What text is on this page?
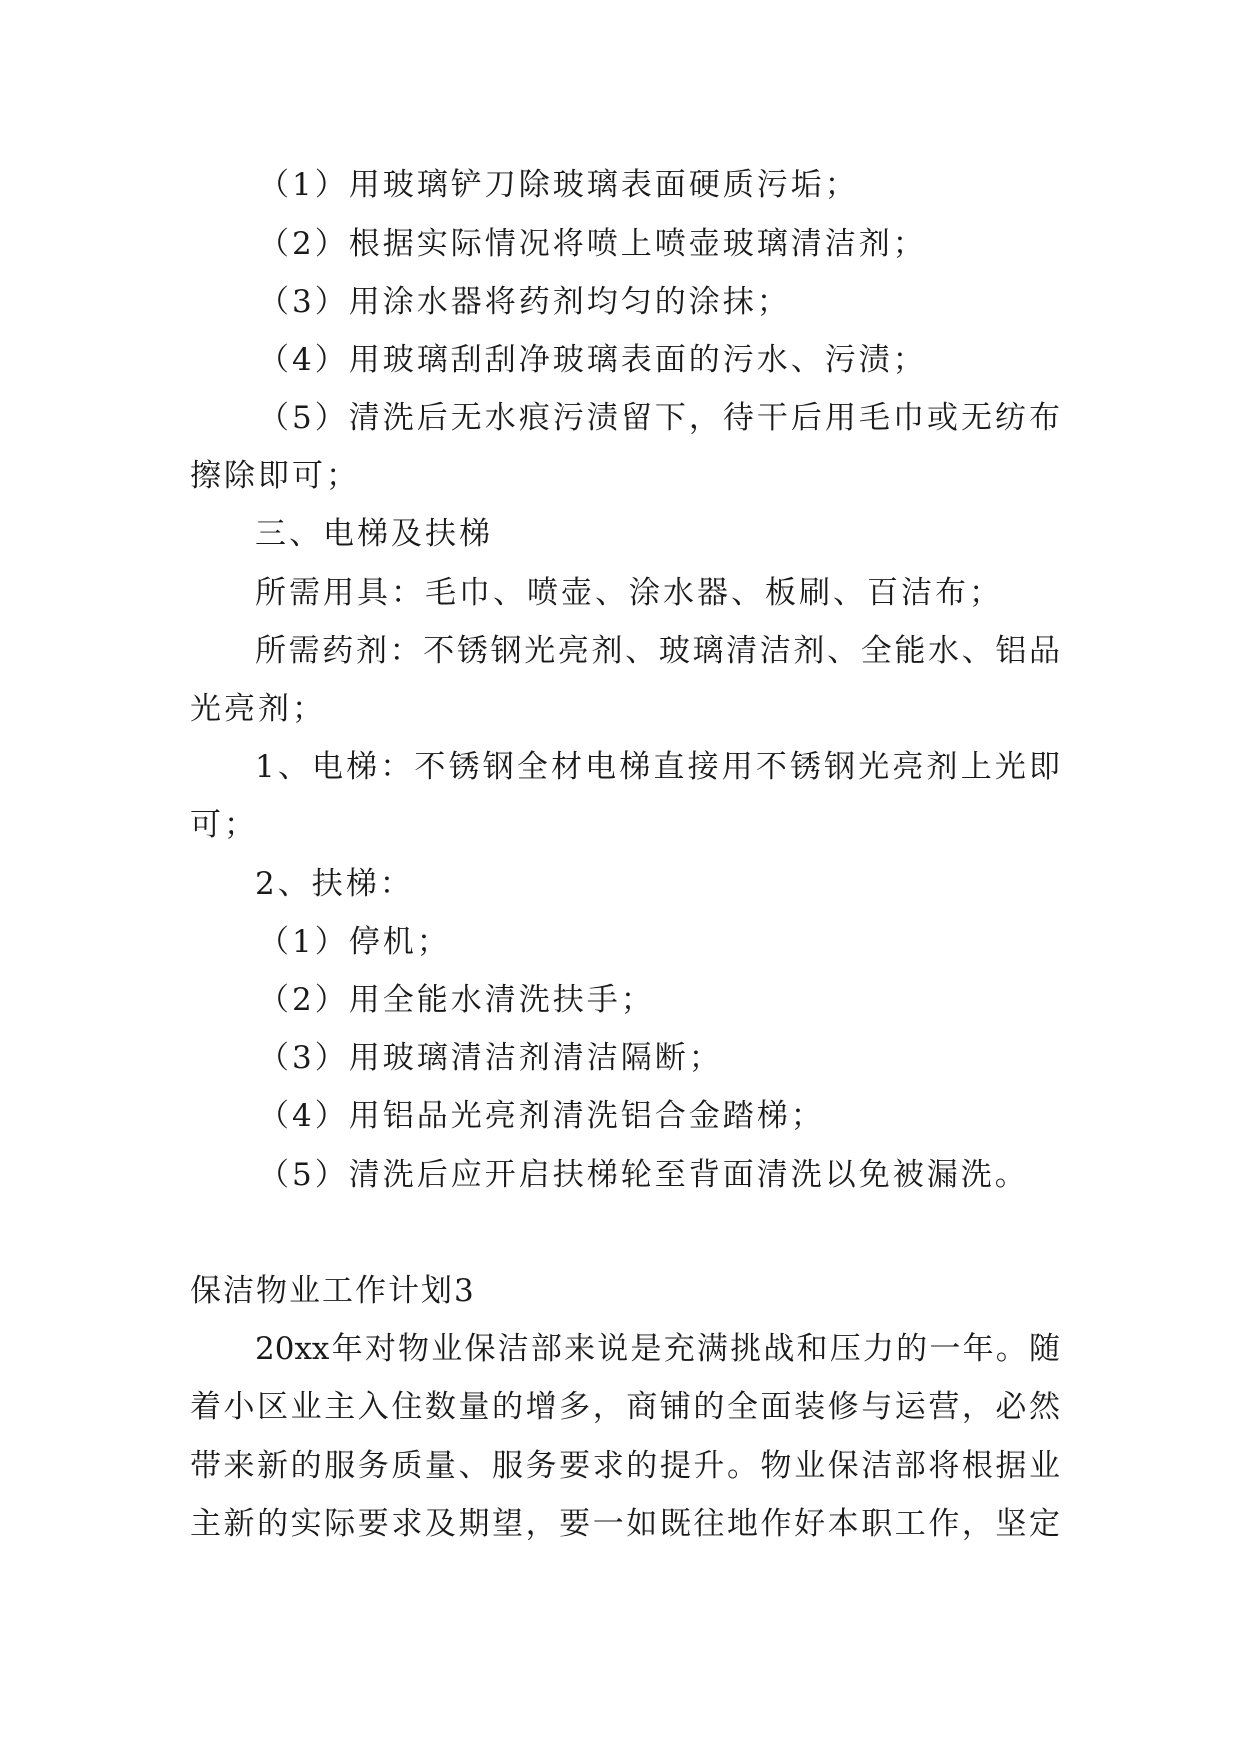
（1）用玻璃铲刀除玻璃表面硬质污垢；
（2）根据实际情况将喷上喷壶玻璃清洁剂；
（3）用涂水器将药剂均匀的涂抹；
（4）用玻璃刮刮净玻璃表面的污水、污渍；
（5）清洗后无水痕污渍留下，待干后用毛巾或无纺布
擦除即可；
三、电梯及扶梯
所需用具：毛巾、喷壶、涂水器、板刷、百洁布；
所需药剂：不锈钢光亮剂、玻璃清洁剂、全能水、铝品
光亮剂；
1、电梯：不锈钢全材电梯直接用不锈钢光亮剂上光即
可；
2、扶梯：
（1）停机；
（2）用全能水清洗扶手；
（3）用玻璃清洁剂清洁隔断；
（4）用铝品光亮剂清洗铝合金踏梯；
（5）清洗后应开启扶梯轮至背面清洗以免被漏洗。
保洁物业工作计划3
20xx年对物业保洁部来说是充满挑战和压力的一年。随
着小区业主入住数量的增多，商铺的全面装修与运营，必然
带来新的服务质量、服务要求的提升。物业保洁部将根据业
主新的实际要求及期望，要一如既往地作好本职工作，坚定
